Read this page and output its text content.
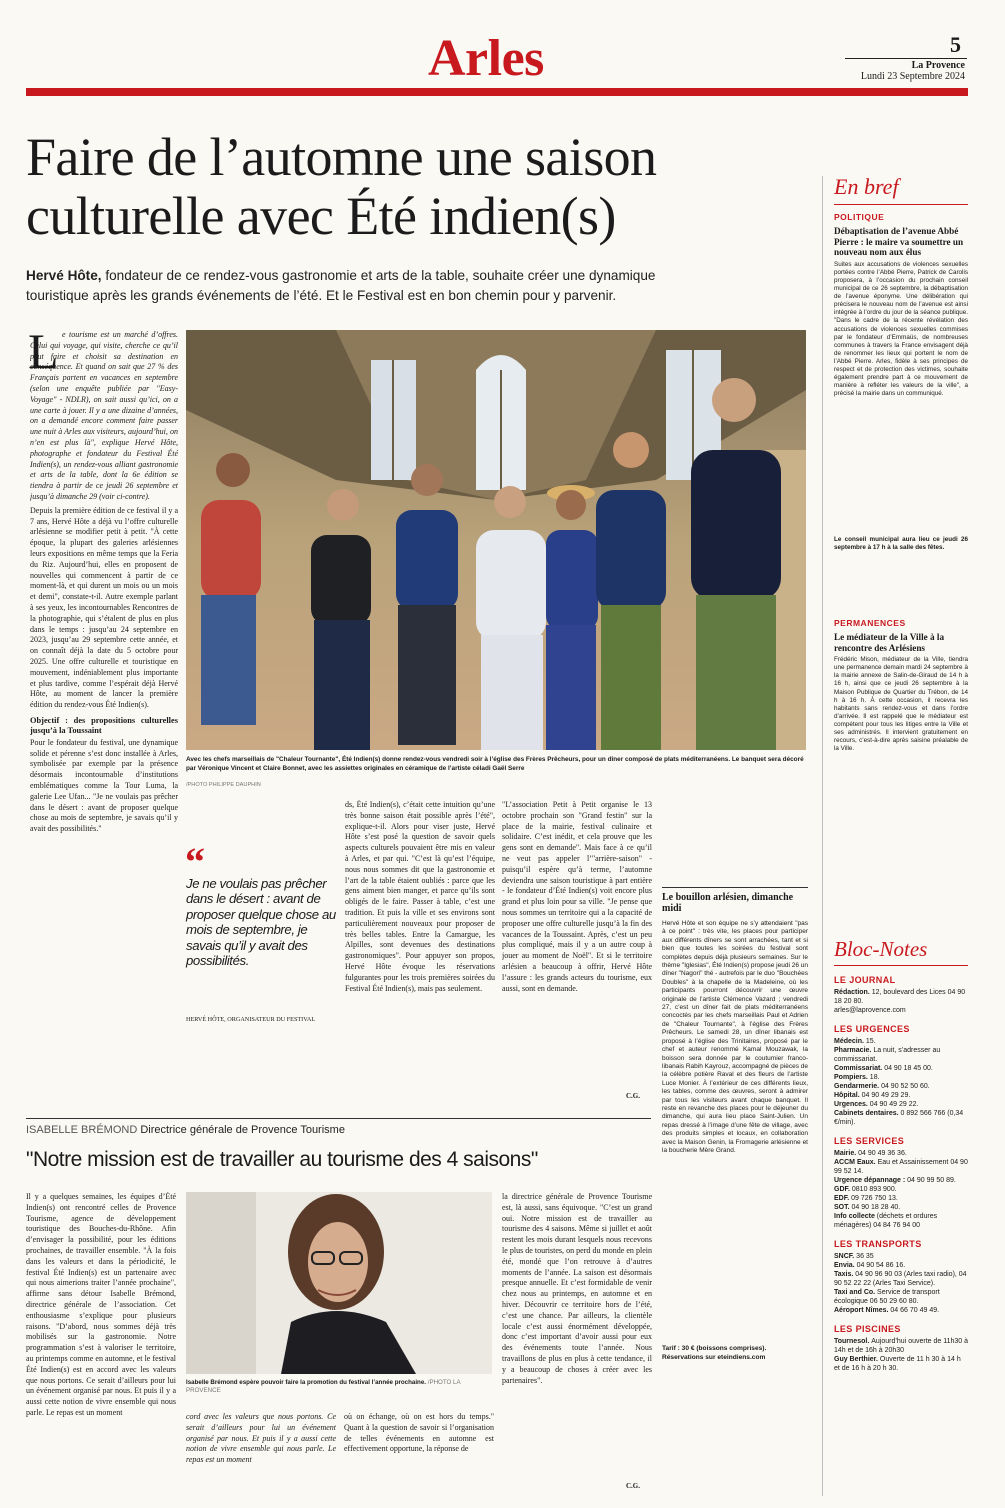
Arles	5
La Provence
Lundi 23 Septembre 2024
Faire de l’automne une saison
culturelle avec Été indien(s)
Hervé Hôte, fondateur de ce rendez-vous gastronomie et arts de la table, souhaite créer une dynamique
touristique après les grands événements de l’été. Et le Festival est en bon chemin pour y parvenir.
L e tourisme est un marché d’offres. Celui qui voyage, qui visite, cherche ce qu’il peut faire et choisit sa destination en conséquence. Et quand on sait que 27 % des Français partent en vacances en septembre (selon une enquête publiée par "Easy-Voyage" - NDLR), on sait aussi qu’ici, on a une carte à jouer. Il y a une dizaine d’années, on a demandé encore comment faire passer une nuit à Arles aux visiteurs, aujourd’hui, on n’en est plus là", explique Hervé Hôte, photographe et fondateur du Festival Été Indien(s), un rendez-vous alliant gastronomie et arts de la table, dont la 6e édition se tiendra à partir de ce jeudi 26 septembre et jusqu’à dimanche 29 (voir ci-contre).

Depuis la première édition de ce festival il y a 7 ans, Hervé Hôte a déjà vu l’offre culturelle arlésienne se modifier petit à petit. "À cette époque, la plupart des galeries arlésiennes leurs expositions en même temps que la Feria du Riz. Aujourd’hui, elles en proposent de nouvelles qui commencent à partir de ce moment-là, et qui durent un mois ou un mois et demi", constate-t-il. Autre exemple parlant à ses yeux, les incontournables Rencontres de la photographie, qui s’étalent de plus en plus dans le temps : jusqu’au 24 septembre en 2023, jusqu’au 29 septembre cette année, et on connaît déjà la date du 5 octobre pour 2025. Une offre culturelle et touristique en mouvement, indéniablement plus importante et plus tardive, comme l’espérait déjà Hervé Hôte, au moment de lancer la première édition du rendez-vous Été Indien(s).

Objectif : des propositions culturelles jusqu’à la Toussaint

Pour le fondateur du festival, une dynamique solide et pérenne s’est donc installée à Arles, symbolisée par exemple par la présence désormais incontournable d’institutions emblématiques comme la Tour Luma, la galerie Lee Ufan... "Je ne voulais pas prêcher dans le désert : avant de proposer quelque chose au mois de septembre, je savais qu’il y avait des possibilités."

Avec les chefs marseillais de "Chaleur Tournante", Été Indien(s) donne rendez-vous vendredi soir à l’église des Frères Prêcheurs, pour un dîner composé de plats méditerranéens. Le banquet sera décoré par Véronique Vincent et Claire Bonnet, avec les assiettes originales en céramique de l’artiste céladi Gaël Serre
/PHOTO PHILIPPE DAUPHIN
“
Je ne voulais pas prêcher dans le désert : avant de proposer quelque chose au mois de septembre, je savais qu’il y avait des possibilités.
HERVÉ HÔTE, ORGANISATEUR DU FESTIVAL

ds, Été Indien(s), c’était cette intuition qu’une très bonne saison était possible après l’été", explique-t-il. Alors pour viser juste, Hervé Hôte s’est posé la question de savoir quels aspects culturels pouvaient être mis en valeur à Arles, et par qui. "C’est là qu’est l’équipe, nous nous sommes dit que la gastronomie et l’art de la table étaient oubliés : parce que les gens aiment bien manger, et parce qu’ils sont obligés de le faire. Passer à table, c’est une tradition. Et puis la ville et ses environs sont particulièrement nouveaux pour proposer de très belles tables. Entre la Camargue, les Alpilles, sont devenues des destinations gastronomiques". Pour appuyer son propos, Hervé Hôte évoque les réservations fulgurantes pour les trois premières soirées du Festival Été Indien(s), mais pas seulement.

"L’association Petit à Petit organise le 13 octobre prochain son "Grand festin" sur la place de la mairie, festival culinaire et solidaire. C’est inédit, et cela prouve que les gens sont en demande". Mais face à ce qu’il ne veut pas appeler l’"arrière-saison" - puisqu’il espère qu’à terme, l’automne deviendra une saison touristique à part entière - le fondateur d’Été Indien(s) voit encore plus grand et plus loin pour sa ville. "Je pense que nous sommes un territoire qui a la capacité de proposer une offre culturelle jusqu’à la fin des vacances de la Toussaint. Après, c’est un peu plus compliqué, mais il y a un autre coup à jouer au moment de Noël". Et si le territoire arlésien a beaucoup à offrir, Hervé Hôte l’assure : les grands acteurs du tourisme, eux aussi, sont en demande.

C.G.
Le bouillon arlésien, dimanche midi
Hervé Hôte et son équipe ne s’y attendaient "pas à ce point" : très vite, les places pour participer aux différents dîners se sont arrachées, tant et si bien que toutes les soirées du festival sont complètes depuis déjà plusieurs semaines. Sur le thème "Iglesias", Été Indien(s) propose jeudi 26 un dîner "Nagori" thé - autrefois par le duo "Bouchées Doubles" à la chapelle de la Madeleine, où les participants pourront découvrir une œuvre originale de l’artiste Clémence Vazard ; vendredi 27, c’est un dîner fait de plats méditerranéens concoctés par les chefs marseillais Paul et Adrien de "Chaleur Tournante", à l’église des Frères Prêcheurs. Le samedi 28, un dîner libanais est proposé à l’église des Trinitaires, proposé par le chef et auteur renommé Kamal Mouzawak, la boisson sera donnée par le coutumier franco-libanais Rabih Kayrouz, accompagné de pièces de la célèbre potière Raval et des fleurs de l’artiste Luce Monier. À l’extérieur de ces différents lieux, les tables, comme des œuvres, seront à admirer par tous les visiteurs avant chaque banquet. Il reste en revanche des places pour le déjeuner du dimanche, qui aura lieu place Saint-Julien. Un repas dressé à l’image d’une fête de village, avec des produits simples et locaux, en collaboration avec la Maison Genin, la Fromagerie arlésienne et la boucherie Mère Grand.
Tarif : 30 € (boissons comprises). Réservations sur eteindiens.com
ISABELLE BRÉMOND Directrice générale de Provence Tourisme
"Notre mission est de travailler au tourisme des 4 saisons"

Il y a quelques semaines, les équipes d’Été Indien(s) ont rencontré celles de Provence Tourisme, agence de développement touristique des Bouches-du-Rhône. Afin d’envisager la possibilité, pour les éditions prochaines, de travailler ensemble. "À la fois dans les valeurs et dans la périodicité, le festival Été Indien(s) est un partenaire avec qui nous aimerions traiter l’année prochaine", affirme sans détour Isabelle Brémond, directrice générale de l’association. Cet enthousiasme s’explique pour plusieurs raisons. "D’abord, nous sommes déjà très mobilisés sur la gastronomie. Notre programmation s’est à valoriser le territoire, au printemps comme en automne, et le festival Été Indien(s) est en accord avec les valeurs que nous portons. Ce serait d’ailleurs pour lui un événement organisé par nous. Et puis il y a aussi cette notion de vivre ensemble qui nous parle. Le repas est un moment

Isabelle Brémond espère pouvoir faire la promotion du festival l’année prochaine. /PHOTO LA PROVENCE

cord avec les valeurs que nous portons. Ce serait d’ailleurs pour lui un événement organisé par nous. Et puis il y a aussi cette notion de vivre ensemble qui nous parle. Le repas est un moment

où on échange, où on est hors du temps." Quant à la question de savoir si l’organisation de telles événements en automne est effectivement opportune, la réponse de

la directrice générale de Provence Tourisme est, là aussi, sans équivoque. "C’est un grand oui. Notre mission est de travailler au tourisme des 4 saisons. Même si juillet et août restent les mois durant lesquels nous recevons le plus de touristes, on perd du monde en plein été, mondé que l’on retrouve à d’autres moments de l’année. La saison est désormais presque annuelle. Et c’est formidable de venir chez nous au printemps, en automne et en hiver. Découvrir ce territoire hors de l’été, c’est une chance. Par ailleurs, la clientèle locale c’est aussi énormément développée, donc c’est important d’avoir aussi pour eux des événements toute l’année. Nous travaillons de plus en plus à cette tendance, il y a beaucoup de choses à créer avec les partenaires".

C.G.
En bref
POLITIQUE
Débaptisation de l’avenue Abbé Pierre : le maire va soumettre un nouveau nom aux élus
Suites aux accusations de violences sexuelles portées contre l’Abbé Pierre, Patrick de Carolis proposera, à l’occasion du prochain conseil municipal de ce 26 septembre, la débaptisation de l’avenue éponyme. Une délibération qui précisera le nouveau nom de l’avenue est ainsi intégrée à l’ordre du jour de la séance publique. "Dans le cadre de la récente révélation des accusations de violences sexuelles commises par le fondateur d’Emmaüs, de nombreuses communes à travers la France envisagent déjà de renommer les lieux qui portent le nom de l’Abbé Pierre. Arles, fidèle à ses principes de respect et de protection des victimes, souhaite également prendre part à ce mouvement de manière à refléter les valeurs de la ville", a précisé la mairie dans un communiqué.
Le conseil municipal aura lieu ce jeudi 26 septembre à 17 h à la salle des fêtes.
PERMANENCES
Le médiateur de la Ville à la rencontre des Arlésiens
Frédéric Mison, médiateur de la Ville, tiendra une permanence demain mardi 24 septembre à la mairie annexe de Salin-de-Giraud de 14 h à 16 h, ainsi que ce jeudi 26 septembre à la Maison Publique de Quartier du Trébon, de 14 h à 16 h. À cette occasion, il recevra les habitants sans rendez-vous et dans l’ordre d’arrivée. Il est rappelé que le médiateur est compétent pour tous les litiges entre la Ville et ses administrés. Il intervient gratuitement en recours, c’est-à-dire après saisine préalable de la Ville.
Bloc-Notes
LE JOURNAL
Rédaction. 12, boulevard des Lices 04 90 18 20 80.
arles@laprovence.com
LES URGENCES
Médecin. 15.
Pharmacie. La nuit, s’adresser au commissariat.
Commissariat. 04 90 18 45 00.
Pompiers. 18.
Gendarmerie. 04 90 52 50 60.
Hôpital. 04 90 49 29 29.
Urgences. 04 90 49 29 22.
Cabinets dentaires. 0 892 566 766 (0,34 €/min).
LES SERVICES
Mairie. 04 90 49 36 36.
ACCM Eaux. Eau et Assainissement 04 90 99 52 14.
Urgence dépannage : 04 90 99 50 89.
GDF. 0810 893 900.
EDF. 09 726 750 13.
SOT. 04 90 18 28 40.
Info collecte (déchets et ordures ménagères) 04 84 76 94 00
LES TRANSPORTS
SNCF. 36 35
Envia. 04 90 54 86 16.
Taxis. 04 90 96 90 03 (Arles taxi radio), 04 90 52 22 22 (Arles Taxi Service).
Taxi and Co. Service de transport écologique 06 50 29 60 80.
Aéroport Nîmes. 04 66 70 49 49.
LES PISCINES
Tournesol. Aujourd’hui ouverte de 11h30 à 14h et de 16h à 20h30
Guy Berthier. Ouverte de 11 h 30 à 14 h et de 16 h à 20 h 30.
